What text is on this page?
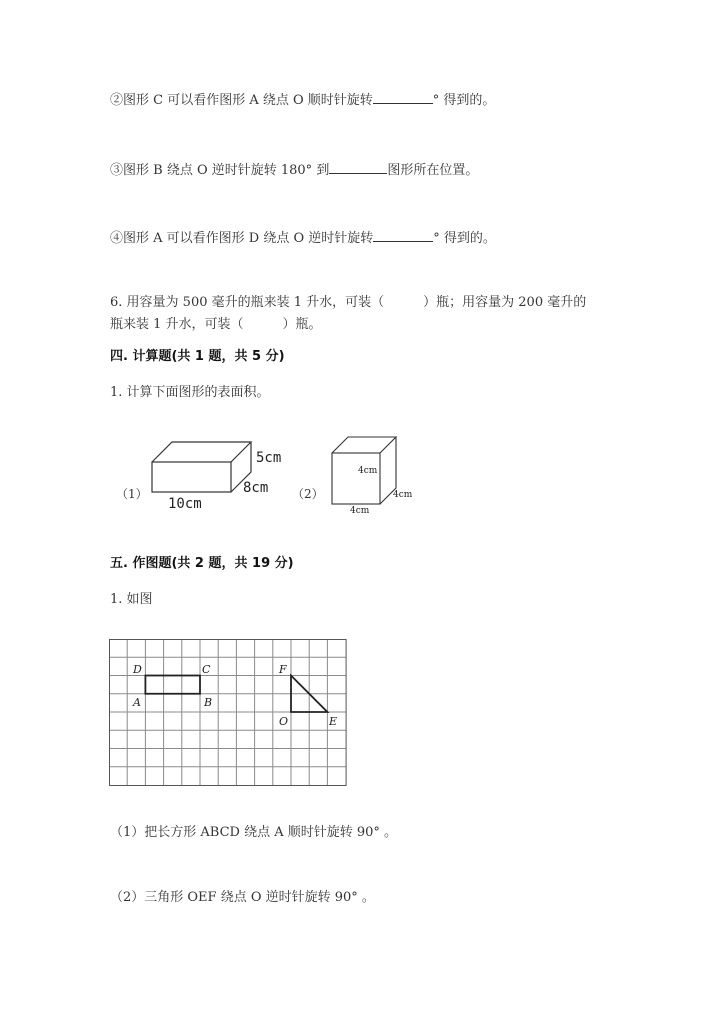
②图形 C 可以看作图形 A 绕点 O 顺时针旋转	° 得到的。
③图形 B 绕点 O 逆时针旋转 180° 到	图形所在位置。
④图形 A 可以看作图形 D 绕点 O 逆时针旋转	° 得到的。
6. 用容量为 500 毫升的瓶来装 1 升水，可装（　　　）瓶；用容量为 200 毫升的
瓶来装 1 升水，可装（　　　）瓶。
四. 计算题(共 1 题，共 5 分)
1. 计算下面图形的表面积。
（1）
5cm
8cm
10cm
（2）
4cm
4cm
4cm
五. 作图题(共 2 题，共 19 分)
1. 如图
D	C
A	B
F
O	E
（1）把长方形 ABCD 绕点 A 顺时针旋转 90° 。
（2）三角形 OEF 绕点 O 逆时针旋转 90° 。
